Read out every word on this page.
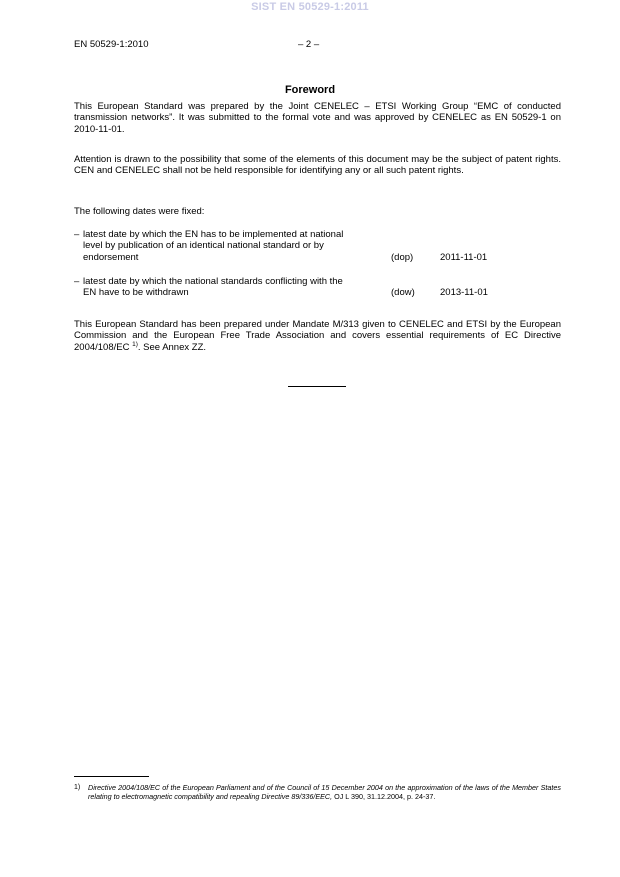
SIST EN 50529-1:2011
EN 50529-1:2010	– 2 –
Foreword

This European Standard was prepared by the Joint CENELEC – ETSI Working Group “EMC of conducted transmission networks”. It was submitted to the formal vote and was approved by CENELEC as EN 50529-1 on 2010-11-01.

Attention is drawn to the possibility that some of the elements of this document may be the subject of patent rights. CEN and CENELEC shall not be held responsible for identifying any or all such patent rights.

The following dates were fixed:

– latest date by which the EN has to be implemented at national level by publication of an identical national standard or by endorsement	(dop)	2011-11-01
– latest date by which the national standards conflicting with the EN have to be withdrawn	(dow)	2013-11-01

This European Standard has been prepared under Mandate M/313 given to CENELEC and ETSI by the European Commission and the European Free Trade Association and covers essential requirements of EC Directive 2004/108/EC $^{1)}$. See Annex ZZ.

1) Directive 2004/108/EC of the European Parliament and of the Council of 15 December 2004 on the approximation of the laws of the Member States relating to electromagnetic compatibility and repealing Directive 89/336/EEC, OJ L 390, 31.12.2004, p. 24-37.
